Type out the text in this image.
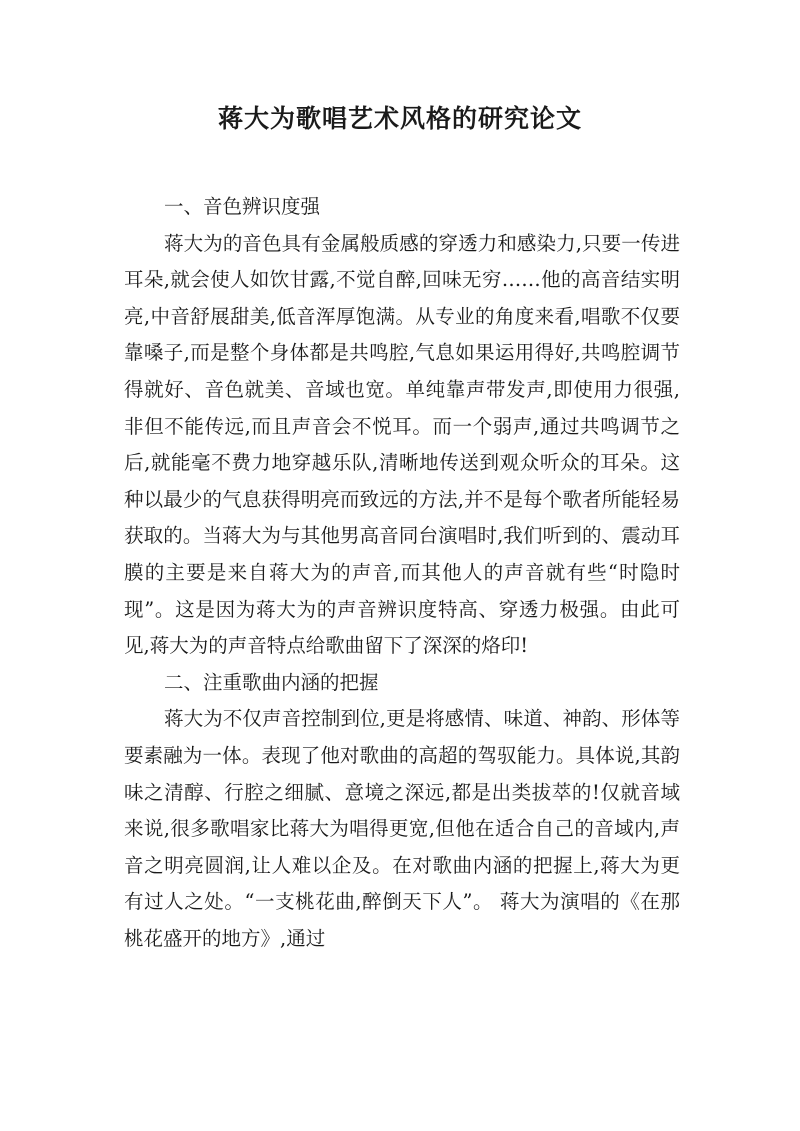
蒋大为歌唱艺术风格的研究论文

一、音色辨识度强

蒋大为的音色具有金属般质感的穿透力和感染力,只要一传进耳朵,就会使人如饮甘露,不觉自醉,回味无穷……他的高音结实明亮,中音舒展甜美,低音浑厚饱满。从专业的角度来看,唱歌不仅要靠嗓子,而是整个身体都是共鸣腔,气息如果运用得好,共鸣腔调节得就好、音色就美、音域也宽。单纯靠声带发声,即使用力很强,非但不能传远,而且声音会不悦耳。而一个弱声,通过共鸣调节之后,就能毫不费力地穿越乐队,清晰地传送到观众听众的耳朵。这种以最少的气息获得明亮而致远的方法,并不是每个歌者所能轻易获取的。当蒋大为与其他男高音同台演唱时,我们听到的、震动耳膜的主要是来自蒋大为的声音,而其他人的声音就有些“时隐时现”。这是因为蒋大为的声音辨识度特高、穿透力极强。由此可见,蒋大为的声音特点给歌曲留下了深深的烙印!

二、注重歌曲内涵的把握

蒋大为不仅声音控制到位,更是将感情、味道、神韵、形体等要素融为一体。表现了他对歌曲的高超的驾驭能力。具体说,其韵味之清醇、行腔之细腻、意境之深远,都是出类拔萃的!仅就音域来说,很多歌唱家比蒋大为唱得更宽,但他在适合自己的音域内,声音之明亮圆润,让人难以企及。在对歌曲内涵的把握上,蒋大为更有过人之处。“一支桃花曲,醉倒天下人”。 蒋大为演唱的《在那桃花盛开的地方》,通过
